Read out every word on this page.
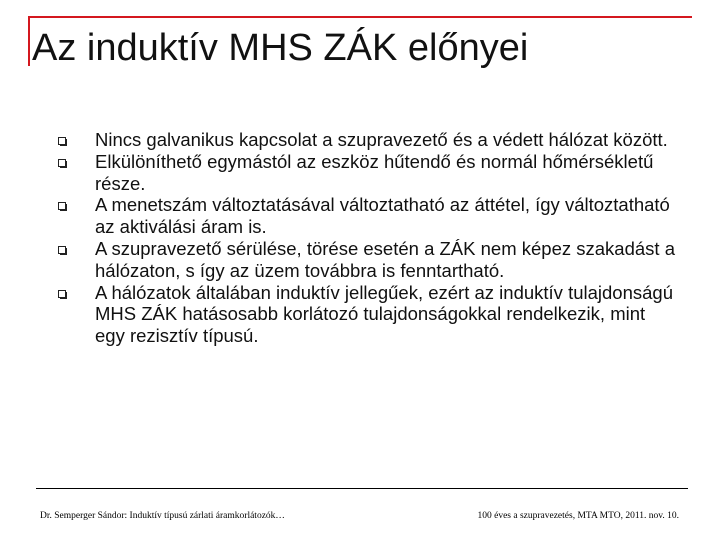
Az induktív MHS ZÁK előnyei
Nincs galvanikus kapcsolat a szupravezető és a védett hálózat között.
Elkülöníthető egymástól az eszköz hűtendő és normál hőmérsékletű része.
A menetszám változtatásával változtatható az áttétel, így változtatható az aktiválási áram is.
A szupravezető sérülése, törése esetén a ZÁK nem képez szakadást a hálózaton, s így az üzem továbbra is fenntartható.
A hálózatok általában induktív jellegűek, ezért az induktív tulajdonságú MHS ZÁK hatásosabb korlátozó tulajdonságokkal rendelkezik, mint egy rezisztív típusú.
Dr. Semperger Sándor: Induktív típusú zárlati áramkorlátozók…	100 éves a szupravezetés, MTA MTO, 2011. nov. 10.
